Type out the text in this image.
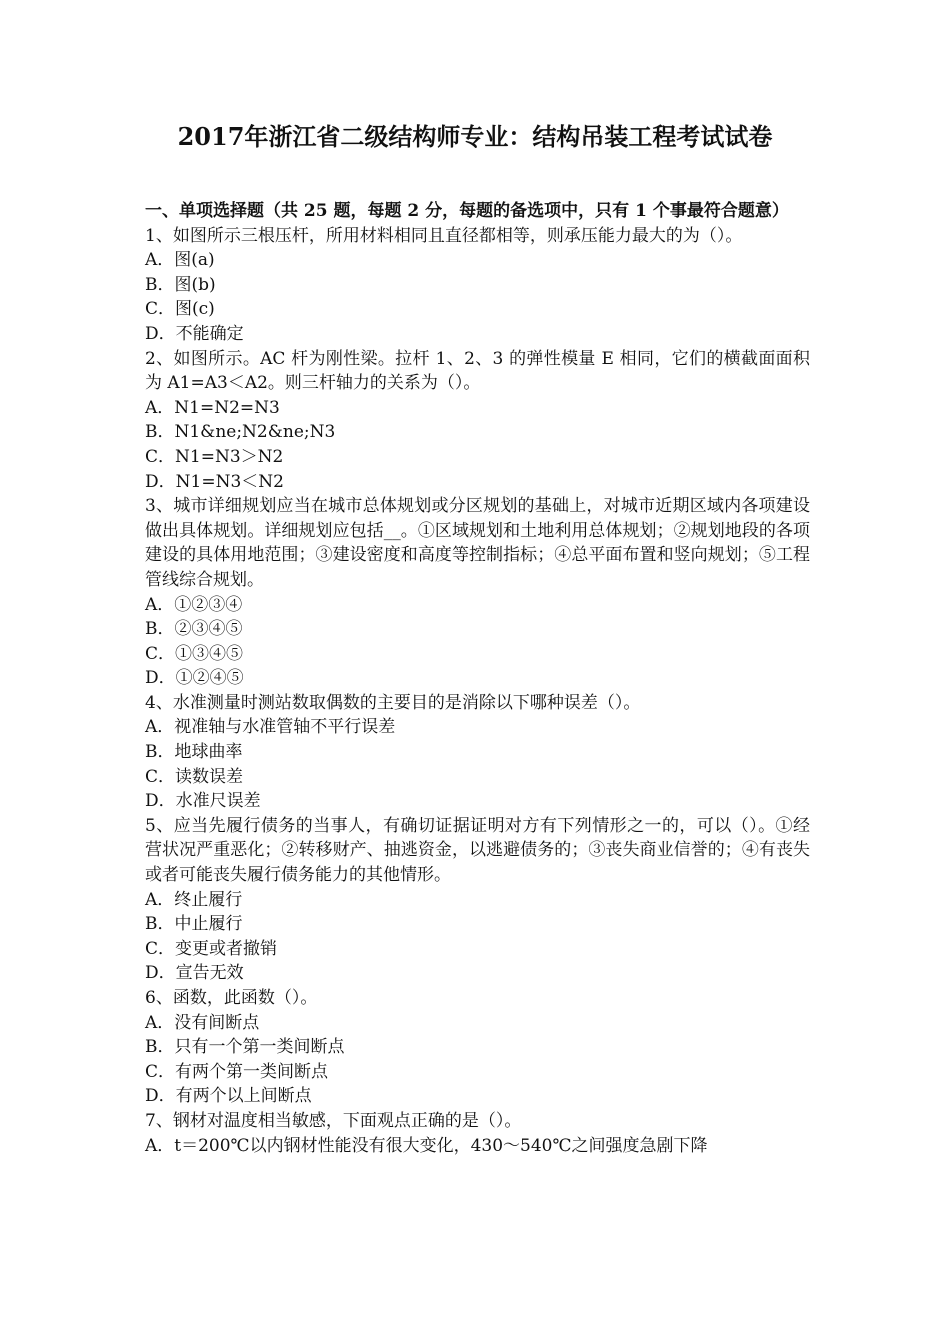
2017年浙江省二级结构师专业：结构吊装工程考试试卷

一、单项选择题（共 25 题，每题 2 分，每题的备选项中，只有 1 个事最符合题意）

1、如图所示三根压杆，所用材料相同且直径都相等，则承压能力最大的为（）。

A．图(a)

B．图(b)

C．图(c)

D．不能确定

2、如图所示。AC 杆为刚性梁。拉杆 1、2、3 的弹性模量 E 相同，它们的横截面面积为 A1=A3＜A2。则三杆轴力的关系为（）。

A．N1=N2=N3

B．N1&ne;N2&ne;N3

C．N1=N3＞N2

D．N1=N3＜N2

3、城市详细规划应当在城市总体规划或分区规划的基础上，对城市近期区域内各项建设做出具体规划。详细规划应包括__。①区域规划和土地利用总体规划；②规划地段的各项建设的具体用地范围；③建设密度和高度等控制指标；④总平面布置和竖向规划；⑤工程管线综合规划。

A．①②③④

B．②③④⑤

C．①③④⑤

D．①②④⑤

4、水准测量时测站数取偶数的主要目的是消除以下哪种误差（）。

A．视准轴与水准管轴不平行误差

B．地球曲率

C．读数误差

D．水准尺误差

5、应当先履行债务的当事人，有确切证据证明对方有下列情形之一的，可以（）。①经营状况严重恶化；②转移财产、抽逃资金，以逃避债务的；③丧失商业信誉的；④有丧失或者可能丧失履行债务能力的其他情形。

A．终止履行

B．中止履行

C．变更或者撤销

D．宣告无效

6、函数，此函数（）。

A．没有间断点

B．只有一个第一类间断点

C．有两个第一类间断点

D．有两个以上间断点

7、钢材对温度相当敏感，下面观点正确的是（）。

A．t＝200℃以内钢材性能没有很大变化，430～540℃之间强度急剧下降
